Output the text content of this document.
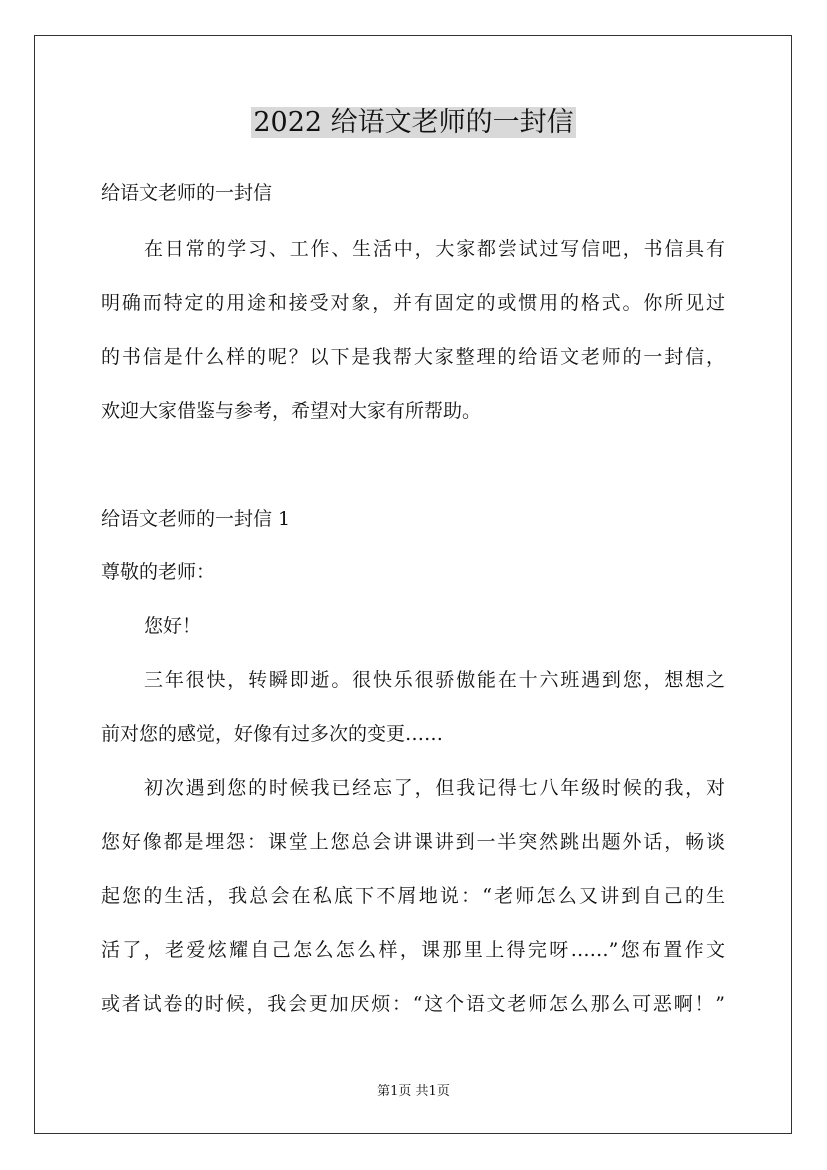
2022 给语文老师的一封信
给语文老师的一封信
在日常的学习、工作、生活中，大家都尝试过写信吧，书信具有
明确而特定的用途和接受对象，并有固定的或惯用的格式。你所见过
的书信是什么样的呢？以下是我帮大家整理的给语文老师的一封信，
欢迎大家借鉴与参考，希望对大家有所帮助。
给语文老师的一封信 1
尊敬的老师：
您好！
三年很快，转瞬即逝。很快乐很骄傲能在十六班遇到您，想想之
前对您的感觉，好像有过多次的变更……
初次遇到您的时候我已经忘了，但我记得七八年级时候的我，对
您好像都是埋怨：课堂上您总会讲课讲到一半突然跳出题外话，畅谈
起您的生活，我总会在私底下不屑地说：“老师怎么又讲到自己的生
活了，老爱炫耀自己怎么怎么样，课那里上得完呀……”您布置作文
或者试卷的时候，我会更加厌烦：“这个语文老师怎么那么可恶啊！”
第1页 共1页
